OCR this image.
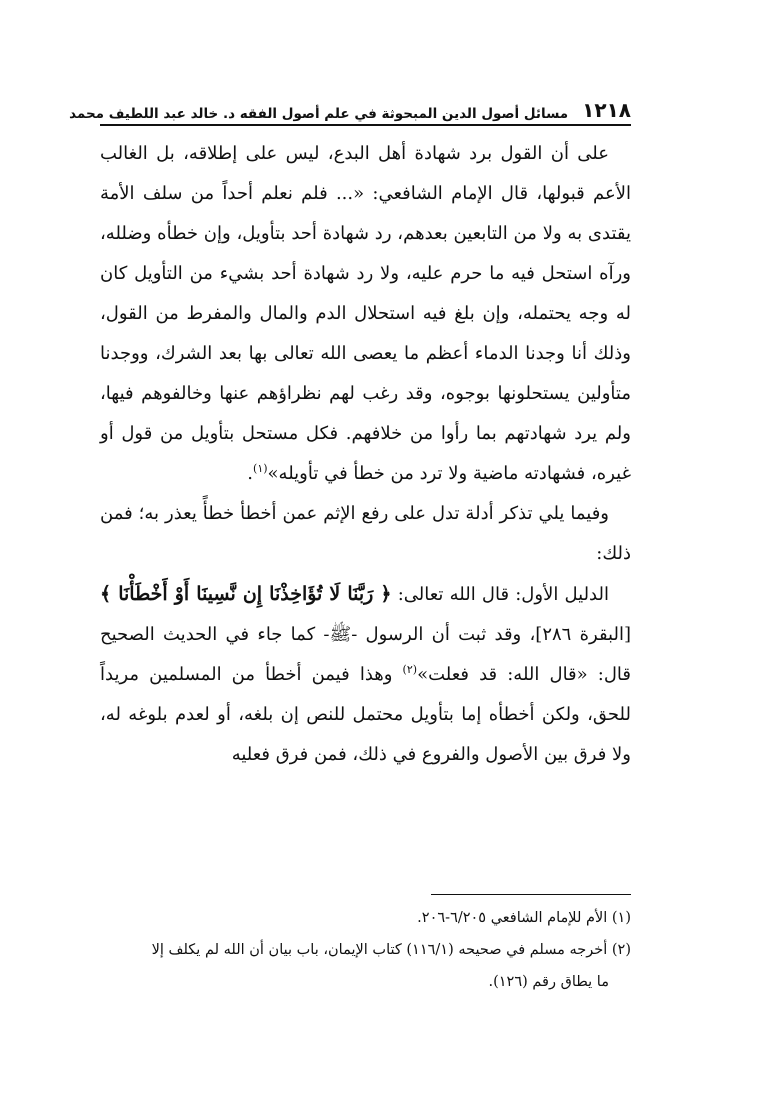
١٢١٨
مسائل أصول الدين المبحوثة في علم أصول الفقه د. خالد عبد اللطيف محمد

على أن القول برد شهادة أهل البدع، ليس على إطلاقه، بل الغالب الأعم قبولها، قال الإمام الشافعي: «... فلم نعلم أحداً من سلف الأمة يقتدى به ولا من التابعين بعدهم، رد شهادة أحد بتأويل، وإن خطأه وضلله، ورآه استحل فيه ما حرم عليه، ولا رد شهادة أحد بشيء من التأويل كان له وجه يحتمله، وإن بلغ فيه استحلال الدم والمال والمفرط من القول، وذلك أنا وجدنا الدماء أعظم ما يعصى الله تعالى بها بعد الشرك، ووجدنا متأولين يستحلونها بوجوه، وقد رغب لهم نظراؤهم عنها وخالفوهم فيها، ولم يرد شهادتهم بما رأوا من خلافهم. فكل مستحل بتأويل من قول أو غيره، فشهادته ماضية ولا ترد من خطأ في تأويله»$^{(١)}$.

وفيما يلي تذكر أدلة تدل على رفع الإثم عمن أخطأ خطأً يعذر به؛ فمن ذلك:

الدليل الأول: قال الله تعالى: ﴿ رَبَّنَا لَا تُؤَاخِذْنَا إِن نَّسِينَا أَوْ أَخْطَأْنَا ﴾ [البقرة ٢٨٦]، وقد ثبت أن الرسول -ﷺ- كما جاء في الحديث الصحيح قال: «قال الله: قد فعلت»$^{(٢)}$ وهذا فيمن أخطأ من المسلمين مريداً للحق، ولكن أخطأه إما بتأويل محتمل للنص إن بلغه، أو لعدم بلوغه له، ولا فرق بين الأصول والفروع في ذلك، فمن فرق فعليه

(١) الأم للإمام الشافعي ٦/٢٠٥-٢٠٦.

(٢) أخرجه مسلم في صحيحه (١١٦/١) كتاب الإيمان، باب بيان أن الله لم يكلف إلا

ما يطاق رقم (١٢٦).
